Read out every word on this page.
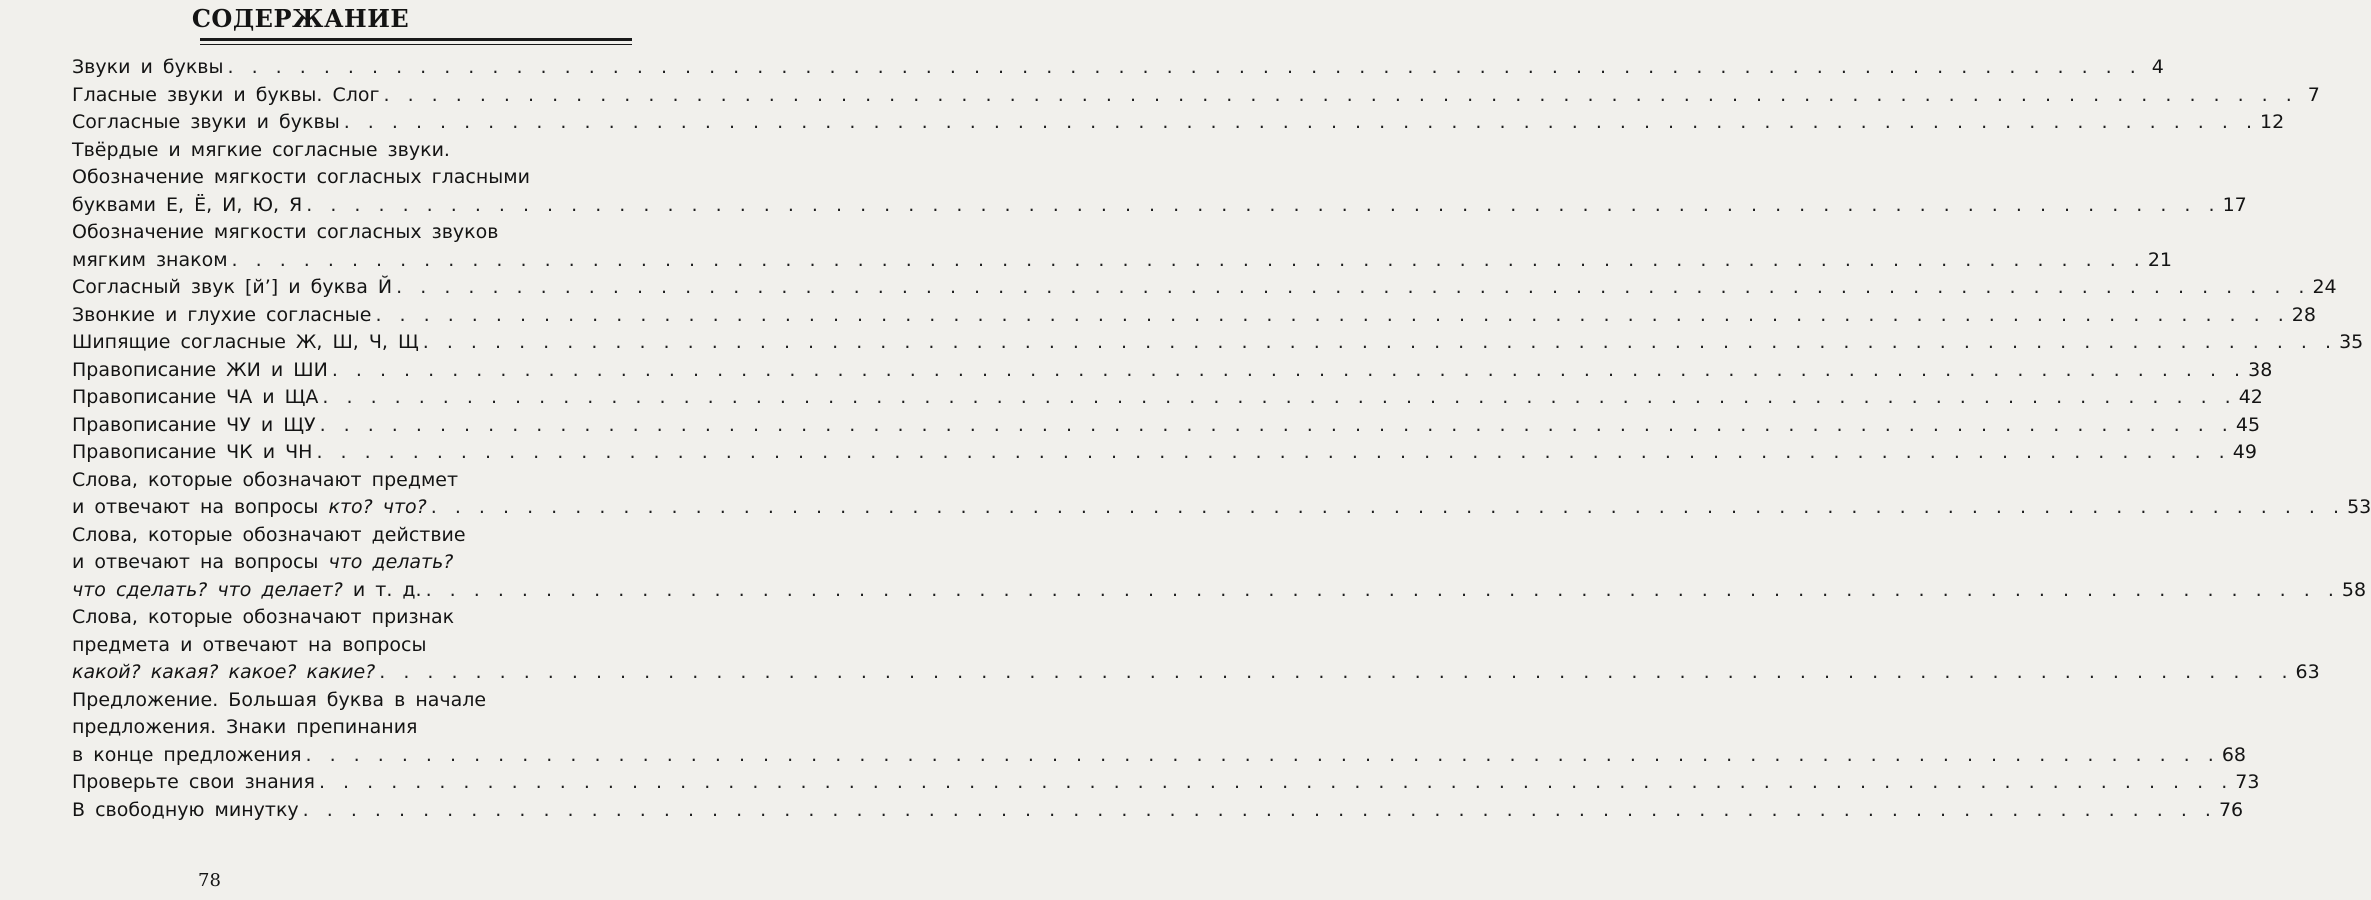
СОДЕРЖАНИЕ
Звуки и буквы . . . . . . . . . . . . . . . . . . . . . . . . . . . . . . . . . . . . . . . . . . . . . . . . . . . . . . . . . . . . . . . . . . . . . . . . . . . . . . . . 4
Гласные звуки и буквы. Слог . . . . . . . . . . . . . . . . . . . . . . . . . . . . . . . . . . . . . . . . . . . . . . . . . . . . . . . . . . . . . . . . . . . . . . . . . . . . . . . . 7
Согласные звуки и буквы . . . . . . . . . . . . . . . . . . . . . . . . . . . . . . . . . . . . . . . . . . . . . . . . . . . . . . . . . . . . . . . . . . . . . . . . . . . . . . . . 12
Твёрдые и мягкие согласные звуки.
Обозначение мягкости согласных гласными
буквами Е, Ё, И, Ю, Я . . . . . . . . . . . . . . . . . . . . . . . . . . . . . . . . . . . . . . . . . . . . . . . . . . . . . . . . . . . . . . . . . . . . . . . . . . . . . . . . 17
Обозначение мягкости согласных звуков
мягким знаком . . . . . . . . . . . . . . . . . . . . . . . . . . . . . . . . . . . . . . . . . . . . . . . . . . . . . . . . . . . . . . . . . . . . . . . . . . . . . . . . 21
Согласный звук [й’] и буква Й . . . . . . . . . . . . . . . . . . . . . . . . . . . . . . . . . . . . . . . . . . . . . . . . . . . . . . . . . . . . . . . . . . . . . . . . . . . . . . . . 24
Звонкие и глухие согласные . . . . . . . . . . . . . . . . . . . . . . . . . . . . . . . . . . . . . . . . . . . . . . . . . . . . . . . . . . . . . . . . . . . . . . . . . . . . . . . . 28
Шипящие согласные Ж, Ш, Ч, Щ . . . . . . . . . . . . . . . . . . . . . . . . . . . . . . . . . . . . . . . . . . . . . . . . . . . . . . . . . . . . . . . . . . . . . . . . . . . . . . . . 35
Правописание ЖИ и ШИ . . . . . . . . . . . . . . . . . . . . . . . . . . . . . . . . . . . . . . . . . . . . . . . . . . . . . . . . . . . . . . . . . . . . . . . . . . . . . . . . 38
Правописание ЧА и ЩА . . . . . . . . . . . . . . . . . . . . . . . . . . . . . . . . . . . . . . . . . . . . . . . . . . . . . . . . . . . . . . . . . . . . . . . . . . . . . . . . 42
Правописание ЧУ и ЩУ . . . . . . . . . . . . . . . . . . . . . . . . . . . . . . . . . . . . . . . . . . . . . . . . . . . . . . . . . . . . . . . . . . . . . . . . . . . . . . . . 45
Правописание ЧК и ЧН . . . . . . . . . . . . . . . . . . . . . . . . . . . . . . . . . . . . . . . . . . . . . . . . . . . . . . . . . . . . . . . . . . . . . . . . . . . . . . . . 49
Слова, которые обозначают предмет
и отвечают на вопросы кто? что? . . . . . . . . . . . . . . . . . . . . . . . . . . . . . . . . . . . . . . . . . . . . . . . . . . . . . . . . . . . . . . . . . . . . . . . . . . . . . . . . 53
Слова, которые обозначают действие
и отвечают на вопросы что делать?
что сделать? что делает? и т. д. . . . . . . . . . . . . . . . . . . . . . . . . . . . . . . . . . . . . . . . . . . . . . . . . . . . . . . . . . . . . . . . . . . . . . . . . . . . . . . . . 58
Слова, которые обозначают признак
предмета и отвечают на вопросы
какой? какая? какое? какие? . . . . . . . . . . . . . . . . . . . . . . . . . . . . . . . . . . . . . . . . . . . . . . . . . . . . . . . . . . . . . . . . . . . . . . . . . . . . . . . . 63
Предложение. Большая буква в начале
предложения. Знаки препинания
в конце предложения . . . . . . . . . . . . . . . . . . . . . . . . . . . . . . . . . . . . . . . . . . . . . . . . . . . . . . . . . . . . . . . . . . . . . . . . . . . . . . . . 68
Проверьте свои знания . . . . . . . . . . . . . . . . . . . . . . . . . . . . . . . . . . . . . . . . . . . . . . . . . . . . . . . . . . . . . . . . . . . . . . . . . . . . . . . . 73
В свободную минутку . . . . . . . . . . . . . . . . . . . . . . . . . . . . . . . . . . . . . . . . . . . . . . . . . . . . . . . . . . . . . . . . . . . . . . . . . . . . . . . . 76
78
